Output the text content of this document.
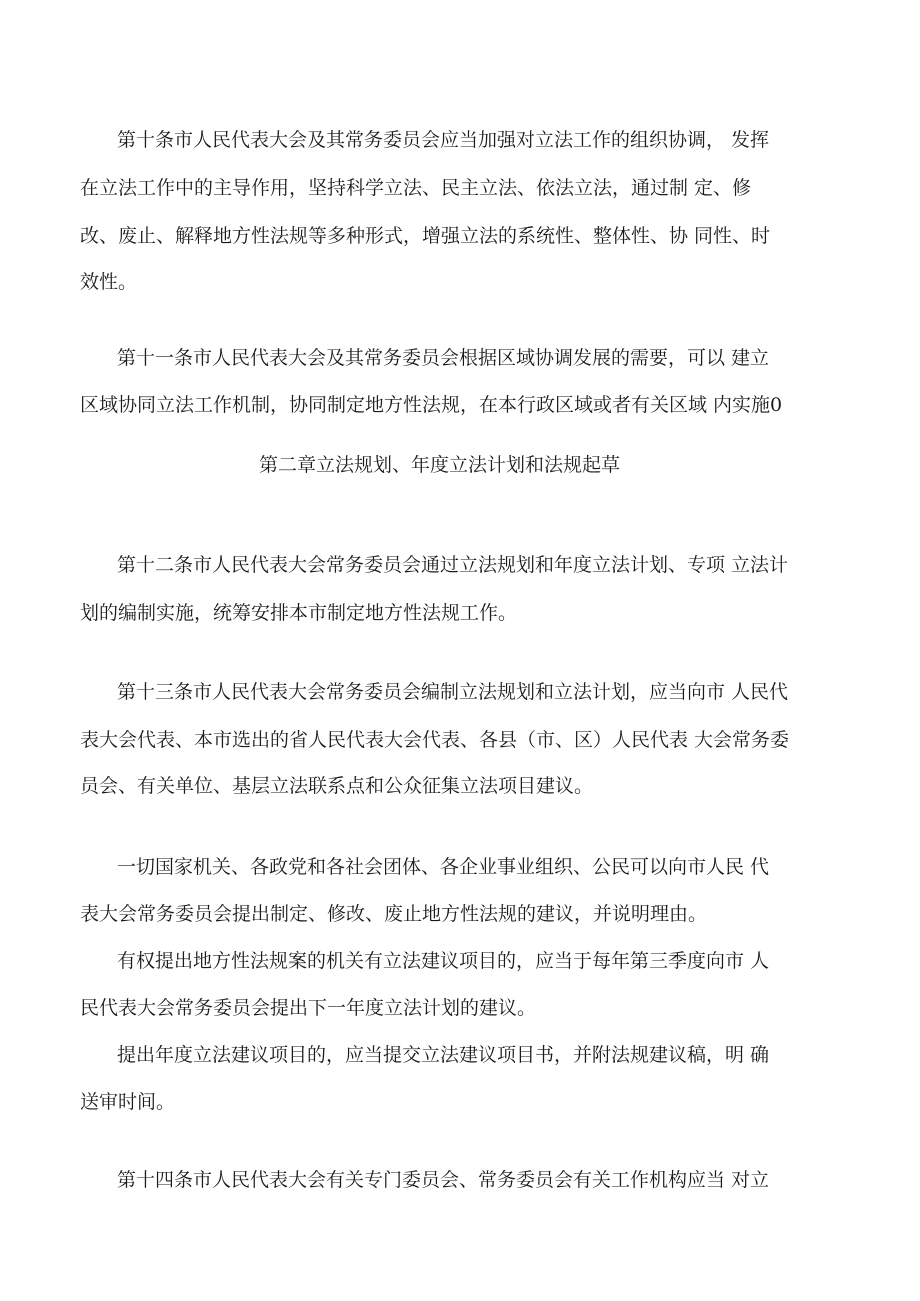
第十条市人民代表大会及其常务委员会应当加强对立法工作的组织协调， 发挥
在立法工作中的主导作用，坚持科学立法、民主立法、依法立法，通过制 定、修
改、废止、解释地方性法规等多种形式，增强立法的系统性、整体性、协 同性、时
效性。
第十一条市人民代表大会及其常务委员会根据区域协调发展的需要，可以 建立
区域协同立法工作机制，协同制定地方性法规，在本行政区域或者有关区域 内实施0
第二章立法规划、年度立法计划和法规起草
第十二条市人民代表大会常务委员会通过立法规划和年度立法计划、专项 立法计
划的编制实施，统筹安排本市制定地方性法规工作。
第十三条市人民代表大会常务委员会编制立法规划和立法计划，应当向市 人民代
表大会代表、本市选出的省人民代表大会代表、各县（市、区）人民代表 大会常务委
员会、有关单位、基层立法联系点和公众征集立法项目建议。
一切国家机关、各政党和各社会团体、各企业事业组织、公民可以向市人民 代
表大会常务委员会提出制定、修改、废止地方性法规的建议，并说明理由。
有权提出地方性法规案的机关有立法建议项目的，应当于每年第三季度向市 人
民代表大会常务委员会提出下一年度立法计划的建议。
提出年度立法建议项目的，应当提交立法建议项目书，并附法规建议稿，明 确
送审时间。
第十四条市人民代表大会有关专门委员会、常务委员会有关工作机构应当 对立
